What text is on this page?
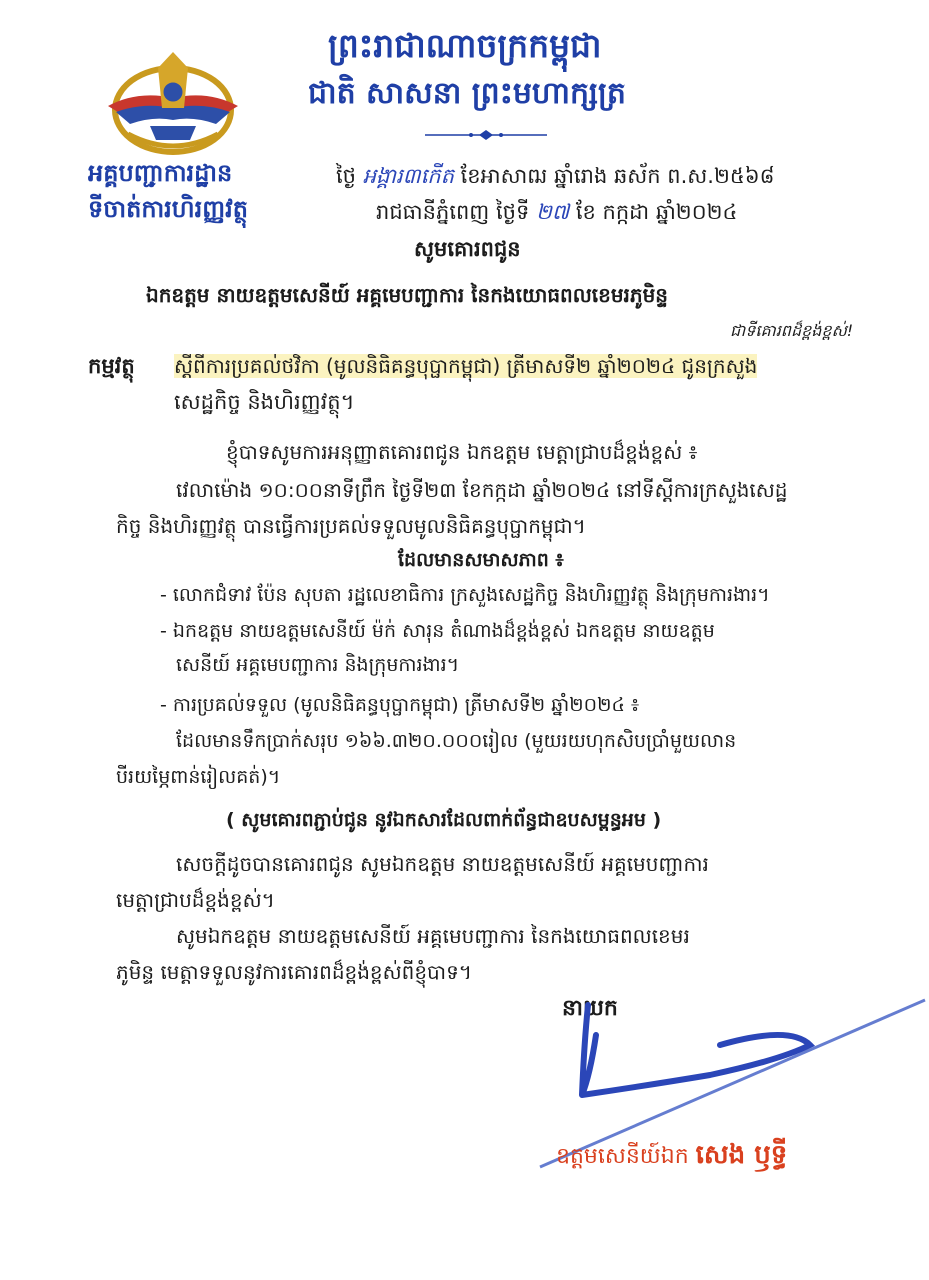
ព្រះរាជាណាចក្រកម្ពុជា
ជាតិ សាសនា ព្រះមហាក្សត្រ
អគ្គបញ្ជាការដ្ឋាន
ទីចាត់ការហិរញ្ញវត្ថុ
ថ្ងៃ អង្គារ៣កើត ខែអាសាឍ ឆ្នាំរោង ឆស័ក ព.ស.២៥៦៨
រាជធានីភ្នំពេញ ថ្ងៃទី ២៧ ខែ កក្កដា ឆ្នាំ២០២៤
សូមគោរពជូន
ឯកឧត្តម នាយឧត្តមសេនីយ៍ អគ្គមេបញ្ជាការ នៃកងយោធពលខេមរភូមិន្ទ
ជាទីគោរពដ៏ខ្ពង់ខ្ពស់!
កម្មវត្ថុ ស្តីពីការប្រគល់ថវិកា (មូលនិធិគន្ធបុប្ផាកម្ពុជា) ត្រីមាសទី២ ឆ្នាំ២០២៤ ជូនក្រសួង
សេដ្ឋកិច្ច និងហិរញ្ញវត្ថុ។
ខ្ញុំបាទសូមការអនុញ្ញាតគោរពជូន ឯកឧត្តម មេត្តាជ្រាបដ៏ខ្ពង់ខ្ពស់ ៖
វេលាម៉ោង ១០:០០នាទីព្រឹក ថ្ងៃទី២៣ ខែកក្កដា ឆ្នាំ២០២៤ នៅទីស្តីការក្រសួងសេដ្ឋ
កិច្ច និងហិរញ្ញវត្ថុ បានធ្វើការប្រគល់ទទួលមូលនិធិគន្ធបុប្ផាកម្ពុជា។
ដែលមានសមាសភាព ៖
- លោកជំទាវ ប៉ែន សុបតា រដ្ឋលេខាធិការ ក្រសួងសេដ្ឋកិច្ច និងហិរញ្ញវត្ថុ និងក្រុមការងារ។
- ឯកឧត្តម នាយឧត្តមសេនីយ៍ ម៉ក់ សារុន តំណាងដ៏ខ្ពង់ខ្ពស់ ឯកឧត្តម នាយឧត្តម
សេនីយ៍ អគ្គមេបញ្ជាការ និងក្រុមការងារ។
- ការប្រគល់ទទួល (មូលនិធិគន្ធបុប្ផាកម្ពុជា) ត្រីមាសទី២ ឆ្នាំ២០២៤ ៖
ដែលមានទឹកប្រាក់សរុប ១៦៦.៣២០.០០០រៀល (មួយរយហុកសិបប្រាំមួយលាន
បីរយម្ភៃពាន់រៀលគត់)។
( សូមគោរពភ្ជាប់ជូន នូវឯកសារដែលពាក់ព័ន្ធជាឧបសម្ពន្ធអម )
សេចក្តីដូចបានគោរពជូន សូមឯកឧត្តម នាយឧត្តមសេនីយ៍ អគ្គមេបញ្ជាការ
មេត្តាជ្រាបដ៏ខ្ពង់ខ្ពស់។
សូមឯកឧត្តម នាយឧត្តមសេនីយ៍ អគ្គមេបញ្ជាការ នៃកងយោធពលខេមរ
ភូមិន្ទ មេត្តាទទួលនូវការគោរពដ៏ខ្ពង់ខ្ពស់ពីខ្ញុំបាទ។
នាយក
ឧត្តមសេនីយ៍ឯក សេង ឫទ្ធី
